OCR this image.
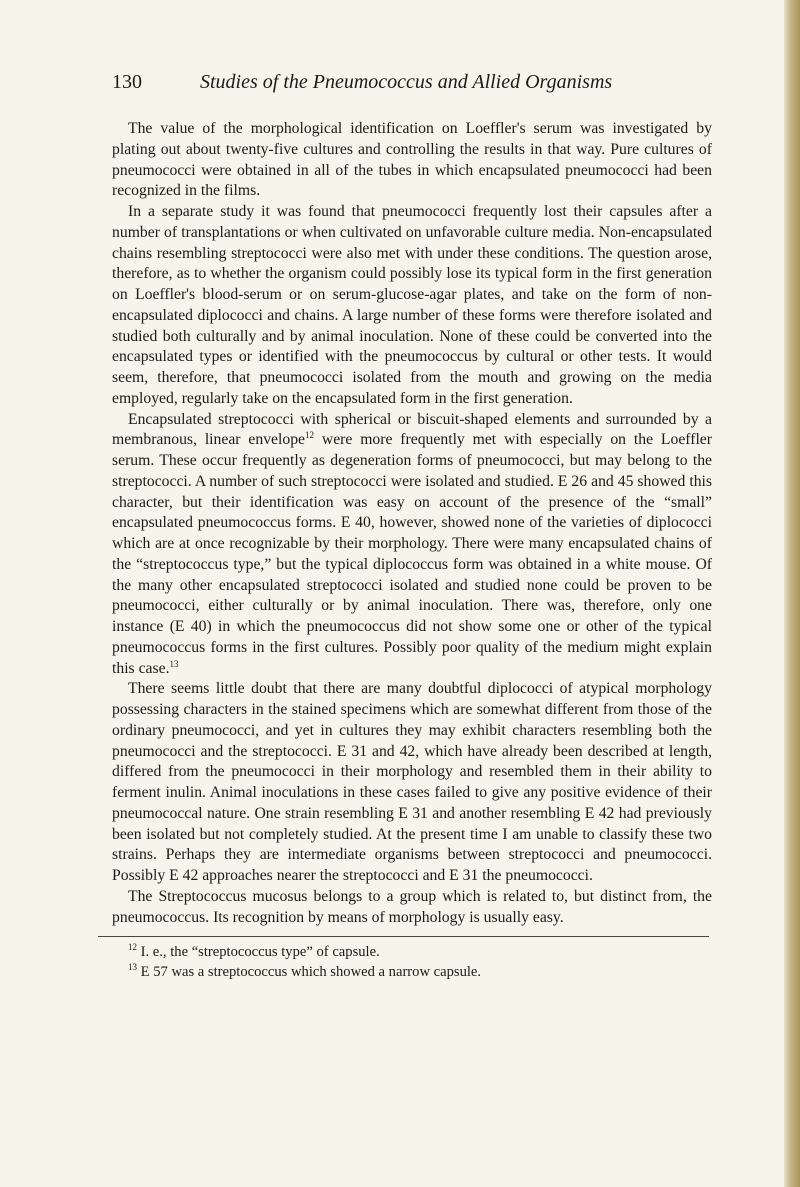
130	Studies of the Pneumococcus and Allied Organisms

The value of the morphological identification on Loeffler's serum was investigated by plating out about twenty-five cultures and controlling the results in that way. Pure cultures of pneumococci were obtained in all of the tubes in which encapsulated pneumococci had been recognized in the films.

In a separate study it was found that pneumococci frequently lost their capsules after a number of transplantations or when cultivated on unfavorable culture media. Non-encapsulated chains resembling streptococci were also met with under these conditions. The question arose, therefore, as to whether the organism could possibly lose its typical form in the first generation on Loeffler's blood-serum or on serum-glucose-agar plates, and take on the form of non-encapsulated diplococci and chains. A large number of these forms were therefore isolated and studied both culturally and by animal inoculation. None of these could be converted into the encapsulated types or identified with the pneumococcus by cultural or other tests. It would seem, therefore, that pneumococci isolated from the mouth and growing on the media employed, regularly take on the encapsulated form in the first generation.

Encapsulated streptococci with spherical or biscuit-shaped elements and surrounded by a membranous, linear envelope$^{12}$ were more frequently met with especially on the Loeffler serum. These occur frequently as degeneration forms of pneumococci, but may belong to the streptococci. A number of such streptococci were isolated and studied. E 26 and 45 showed this character, but their identification was easy on account of the presence of the “small” encapsulated pneumococcus forms. E 40, however, showed none of the varieties of diplococci which are at once recognizable by their morphology. There were many encapsulated chains of the “streptococcus type,” but the typical diplococcus form was obtained in a white mouse. Of the many other encapsulated streptococci isolated and studied none could be proven to be pneumococci, either culturally or by animal inoculation. There was, therefore, only one instance (E 40) in which the pneumococcus did not show some one or other of the typical pneumococcus forms in the first cultures. Possibly poor quality of the medium might explain this case.$^{13}$

There seems little doubt that there are many doubtful diplococci of atypical morphology possessing characters in the stained specimens which are somewhat different from those of the ordinary pneumococci, and yet in cultures they may exhibit characters resembling both the pneumococci and the streptococci. E 31 and 42, which have already been described at length, differed from the pneumococci in their morphology and resembled them in their ability to ferment inulin. Animal inoculations in these cases failed to give any positive evidence of their pneumococcal nature. One strain resembling E 31 and another resembling E 42 had previously been isolated but not completely studied. At the present time I am unable to classify these two strains. Perhaps they are intermediate organisms between streptococci and pneumococci. Possibly E 42 approaches nearer the streptococci and E 31 the pneumococci.

The Streptococcus mucosus belongs to a group which is related to, but distinct from, the pneumococcus. Its recognition by means of morphology is usually easy.

$^{12}$ I. e., the “streptococcus type” of capsule.
$^{13}$ E 57 was a streptococcus which showed a narrow capsule.
